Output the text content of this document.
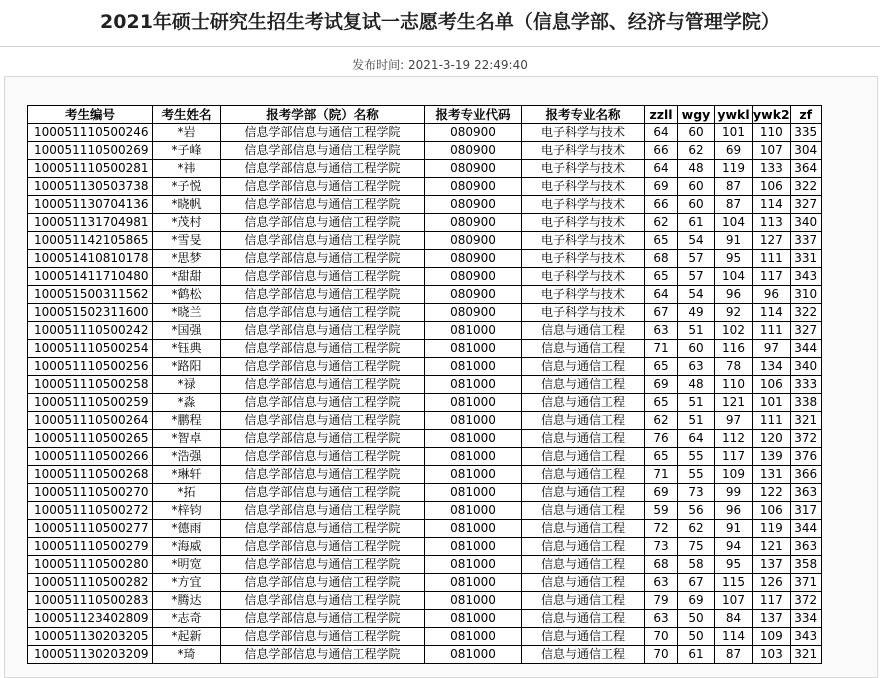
2021年硕士研究生招生考试复试一志愿考生名单（信息学部、经济与管理学院）
发布时间: 2021-3-19 22:49:40
考生编号	考生姓名	报考学部（院）名称	报考专业代码	报考专业名称	zzll	wgy	ywkl	ywk2	zf
100051110500246	*岩	信息学部信息与通信工程学院	080900	电子科学与技术	64	60	101	110	335
100051110500269	*子峰	信息学部信息与通信工程学院	080900	电子科学与技术	66	62	69	107	304
100051110500281	*祎	信息学部信息与通信工程学院	080900	电子科学与技术	64	48	119	133	364
100051130503738	*子悦	信息学部信息与通信工程学院	080900	电子科学与技术	69	60	87	106	322
100051130704136	*晓帆	信息学部信息与通信工程学院	080900	电子科学与技术	66	60	87	114	327
100051131704981	*茂村	信息学部信息与通信工程学院	080900	电子科学与技术	62	61	104	113	340
100051142105865	*雪旻	信息学部信息与通信工程学院	080900	电子科学与技术	65	54	91	127	337
100051410810178	*思梦	信息学部信息与通信工程学院	080900	电子科学与技术	68	57	95	111	331
100051411710480	*甜甜	信息学部信息与通信工程学院	080900	电子科学与技术	65	57	104	117	343
100051500311562	*鹤松	信息学部信息与通信工程学院	080900	电子科学与技术	64	54	96	96	310
100051502311600	*晓兰	信息学部信息与通信工程学院	080900	电子科学与技术	67	49	92	114	322
100051110500242	*国强	信息学部信息与通信工程学院	081000	信息与通信工程	63	51	102	111	327
100051110500254	*钰典	信息学部信息与通信工程学院	081000	信息与通信工程	71	60	116	97	344
100051110500256	*路阳	信息学部信息与通信工程学院	081000	信息与通信工程	65	63	78	134	340
100051110500258	*禄	信息学部信息与通信工程学院	081000	信息与通信工程	69	48	110	106	333
100051110500259	*淼	信息学部信息与通信工程学院	081000	信息与通信工程	65	51	121	101	338
100051110500264	*鹏程	信息学部信息与通信工程学院	081000	信息与通信工程	62	51	97	111	321
100051110500265	*智卓	信息学部信息与通信工程学院	081000	信息与通信工程	76	64	112	120	372
100051110500266	*浩强	信息学部信息与通信工程学院	081000	信息与通信工程	65	55	117	139	376
100051110500268	*琳轩	信息学部信息与通信工程学院	081000	信息与通信工程	71	55	109	131	366
100051110500270	*拓	信息学部信息与通信工程学院	081000	信息与通信工程	69	73	99	122	363
100051110500272	*梓钧	信息学部信息与通信工程学院	081000	信息与通信工程	59	56	96	106	317
100051110500277	*德雨	信息学部信息与通信工程学院	081000	信息与通信工程	72	62	91	119	344
100051110500279	*海威	信息学部信息与通信工程学院	081000	信息与通信工程	73	75	94	121	363
100051110500280	*明宽	信息学部信息与通信工程学院	081000	信息与通信工程	68	58	95	137	358
100051110500282	*方宜	信息学部信息与通信工程学院	081000	信息与通信工程	63	67	115	126	371
100051110500283	*腾达	信息学部信息与通信工程学院	081000	信息与通信工程	79	69	107	117	372
100051123402809	*志奇	信息学部信息与通信工程学院	081000	信息与通信工程	63	50	84	137	334
100051130203205	*起新	信息学部信息与通信工程学院	081000	信息与通信工程	70	50	114	109	343
100051130203209	*琦	信息学部信息与通信工程学院	081000	信息与通信工程	70	61	87	103	321
